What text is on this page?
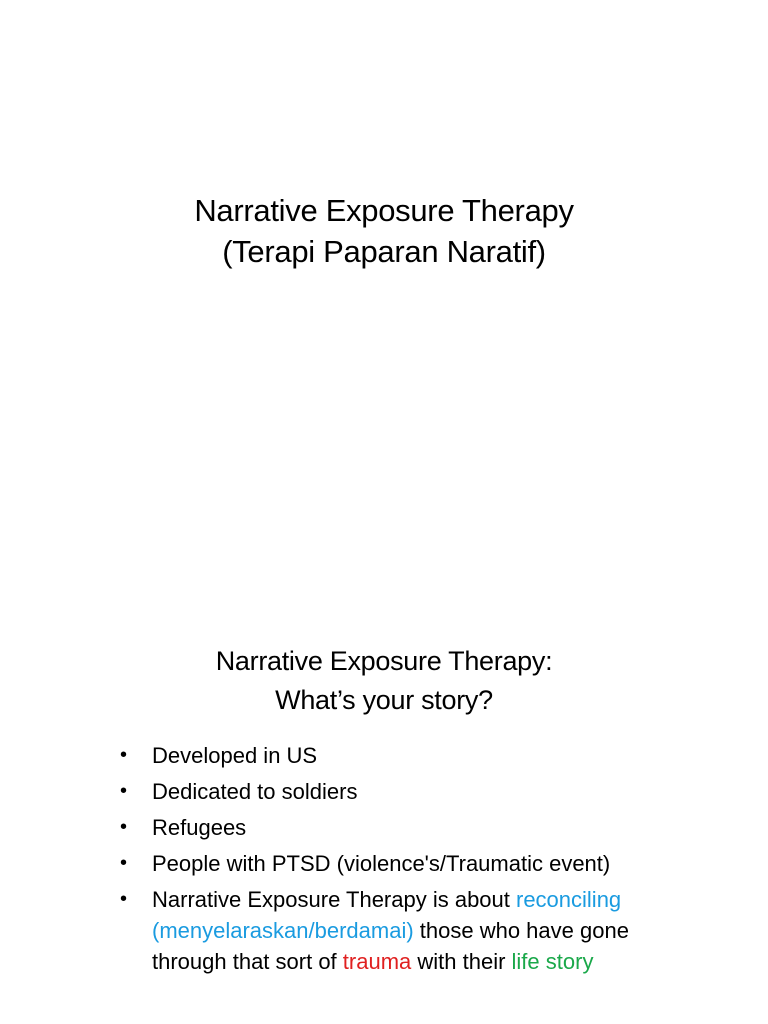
Narrative Exposure Therapy
(Terapi Paparan Naratif)
Narrative Exposure Therapy:
What’s your story?
• Developed in US
• Dedicated to soldiers
• Refugees
• People with PTSD (violence's/Traumatic event)
• Narrative Exposure Therapy is about reconciling (menyelaraskan/berdamai) those who have gone through that sort of trauma with their life story
